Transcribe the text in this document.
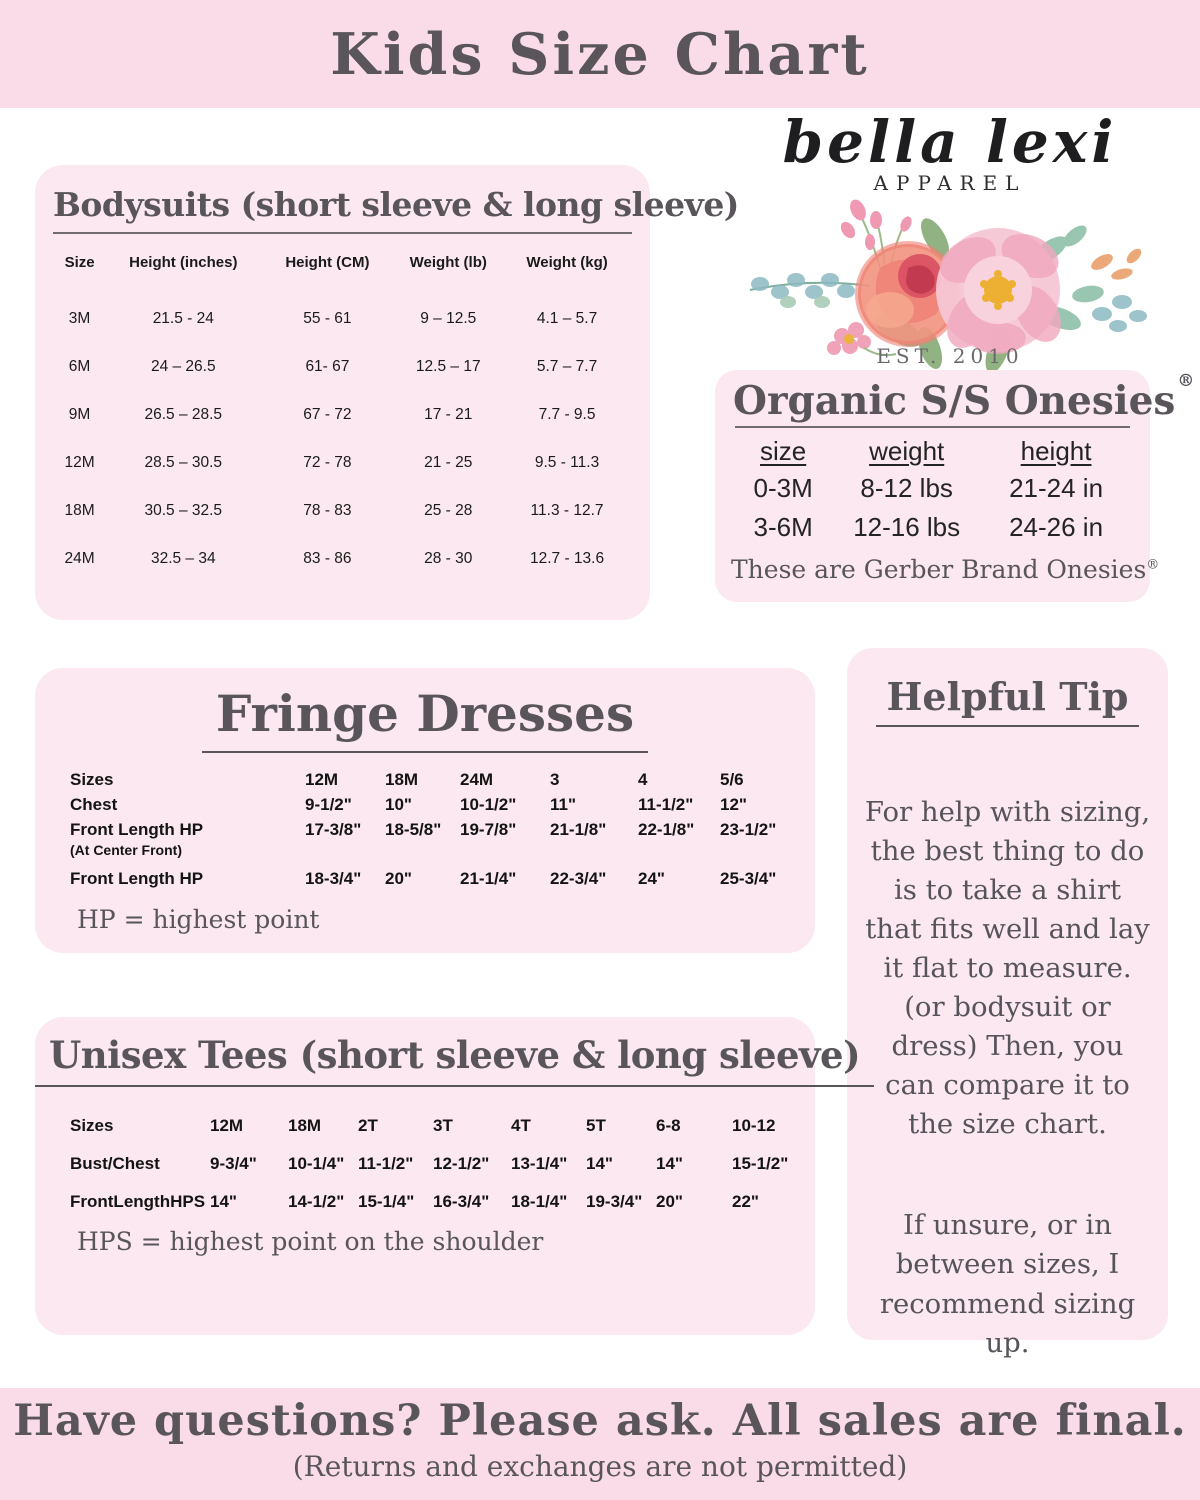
Kids Size Chart
Bodysuits (short sleeve & long sleeve)
Size	Height (inches)	Height (CM)	Weight (lb)	Weight (kg)
3M	21.5 - 24	55 - 61	9 – 12.5	4.1 – 5.7
6M	24 – 26.5	61- 67	12.5 – 17	5.7 – 7.7
9M	26.5 – 28.5	67 - 72	17 - 21	7.7 - 9.5
12M	28.5 – 30.5	72 - 78	21 - 25	9.5 - 11.3
18M	30.5 – 32.5	78 - 83	25 - 28	11.3 - 12.7
24M	32.5 – 34	83 - 86	28 - 30	12.7 - 13.6
bella lexi
APPAREL
EST. 2010
Organic S/S Onesies ®
size	weight	height
0-3M	8-12 lbs	21-24 in
3-6M	12-16 lbs	24-26 in
These are Gerber Brand Onesies®
Fringe Dresses
Sizes	12M	18M	24M	3	4	5/6
Chest	9-1/2"	10"	10-1/2"	11"	11-1/2"	12"
Front Length HP	17-3/8"	18-5/8"	19-7/8"	21-1/8"	22-1/8"	23-1/2"
(At Center Front)						
Front Length HP	18-3/4"	20"	21-1/4"	22-3/4"	24"	25-3/4"
HP = highest point
Helpful Tip
For help with sizing, the best thing to do is to take a shirt that fits well and lay it flat to measure. (or bodysuit or dress) Then, you can compare it to the size chart.
If unsure, or in between sizes, I recommend sizing up.
Unisex Tees (short sleeve & long sleeve)
Sizes	12M	18M	2T	3T	4T	5T	6-8	10-12
Bust/Chest	9-3/4"	10-1/4"	11-1/2"	12-1/2"	13-1/4"	14"	14"	15-1/2"
FrontLengthHPS	14"	14-1/2"	15-1/4"	16-3/4"	18-1/4"	19-3/4"	20"	22"
HPS = highest point on the shoulder
Have questions? Please ask. All sales are final.
(Returns and exchanges are not permitted)
